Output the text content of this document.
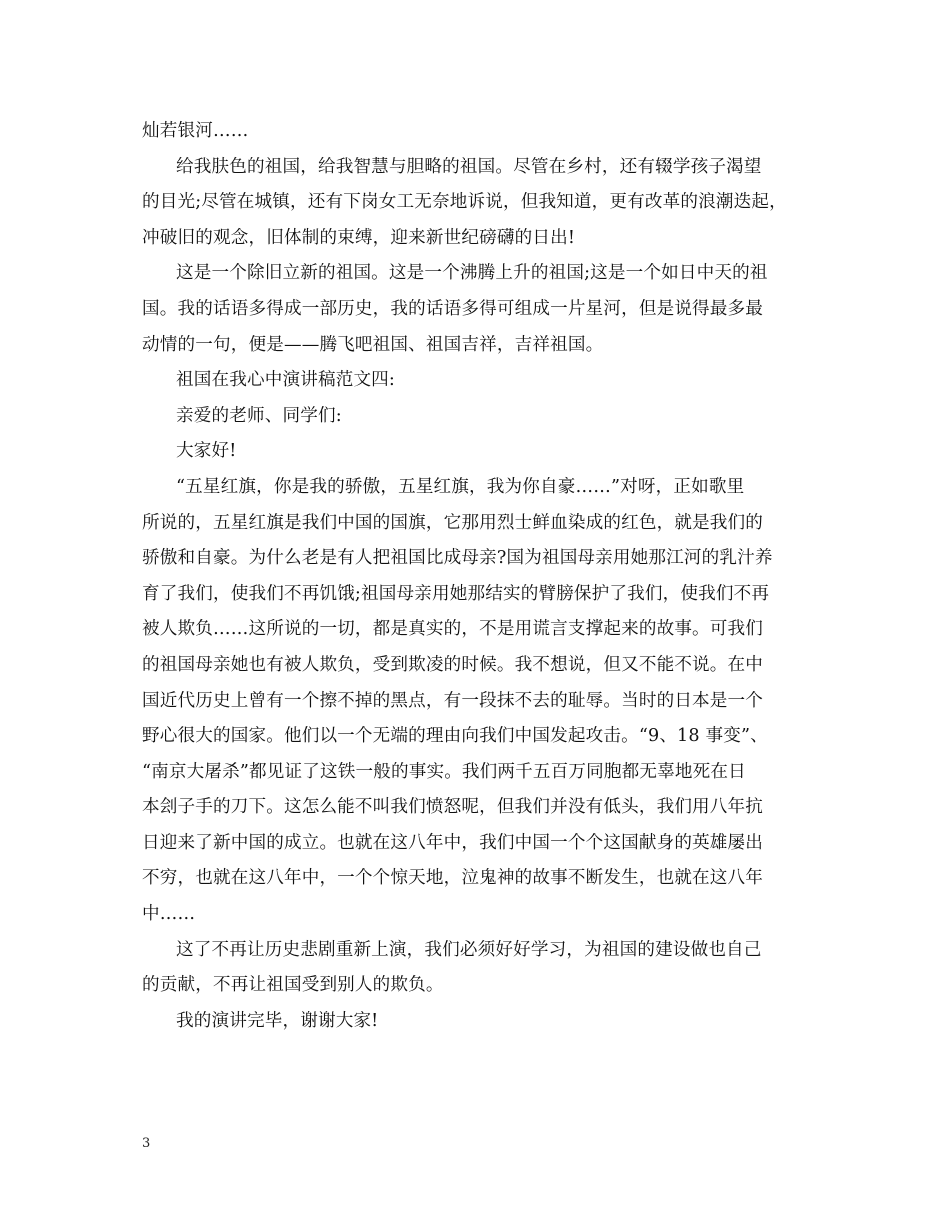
灿若银河……
给我肤色的祖国，给我智慧与胆略的祖国。尽管在乡村，还有辍学孩子渴望
的目光;尽管在城镇，还有下岗女工无奈地诉说，但我知道，更有改革的浪潮迭起，
冲破旧的观念，旧体制的束缚，迎来新世纪磅礴的日出!
这是一个除旧立新的祖国。这是一个沸腾上升的祖国;这是一个如日中天的祖
国。我的话语多得成一部历史，我的话语多得可组成一片星河，但是说得最多最
动情的一句，便是——腾飞吧祖国、祖国吉祥，吉祥祖国。
祖国在我心中演讲稿范文四:
亲爱的老师、同学们:
大家好!
“五星红旗，你是我的骄傲，五星红旗，我为你自豪……”对呀，正如歌里
所说的，五星红旗是我们中国的国旗，它那用烈士鲜血染成的红色，就是我们的
骄傲和自豪。为什么老是有人把祖国比成母亲?国为祖国母亲用她那江河的乳汁养
育了我们，使我们不再饥饿;祖国母亲用她那结实的臂膀保护了我们，使我们不再
被人欺负……这所说的一切，都是真实的，不是用谎言支撑起来的故事。可我们
的祖国母亲她也有被人欺负，受到欺凌的时候。我不想说，但又不能不说。在中
国近代历史上曾有一个擦不掉的黑点，有一段抹不去的耻辱。当时的日本是一个
野心很大的国家。他们以一个无端的理由向我们中国发起攻击。“9、18 事变”、
“南京大屠杀”都见证了这铁一般的事实。我们两千五百万同胞都无辜地死在日
本刽子手的刀下。这怎么能不叫我们愤怒呢，但我们并没有低头，我们用八年抗
日迎来了新中国的成立。也就在这八年中，我们中国一个个这国献身的英雄屡出
不穷，也就在这八年中，一个个惊天地，泣鬼神的故事不断发生，也就在这八年
中……
这了不再让历史悲剧重新上演，我们必须好好学习，为祖国的建设做也自己
的贡献，不再让祖国受到别人的欺负。
我的演讲完毕，谢谢大家!
3
